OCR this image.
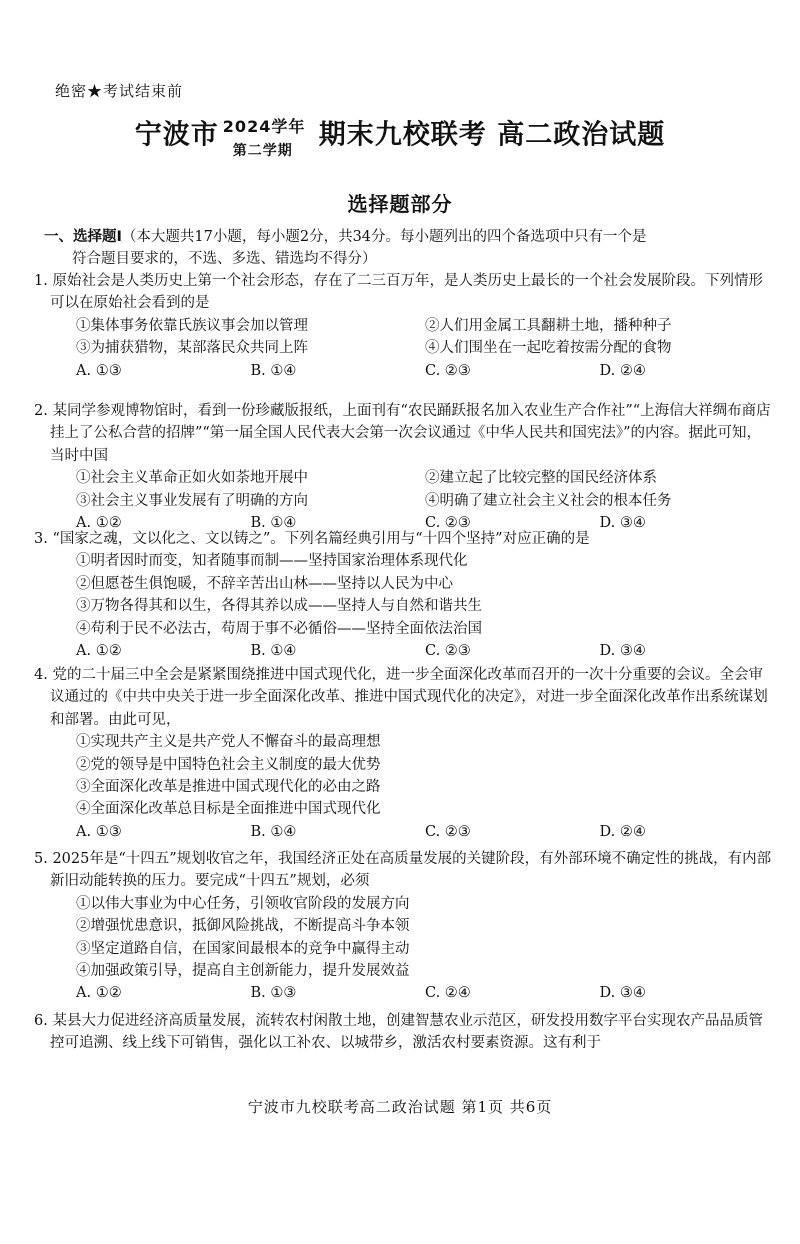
绝密★考试结束前
宁波市 2024学年
第二学期
期末九校联考 高二政治试题
选择题部分
一、选择题Ⅰ（本大题共17小题，每小题2分，共34分。每小题列出的四个备选项中只有一个是
符合题目要求的，不选、多选、错选均不得分）
1. 原始社会是人类历史上第一个社会形态，存在了二三百万年，是人类历史上最长的一个社会发展阶段。下列情形可以在原始社会看到的是
①集体事务依靠氏族议事会加以管理	②人们用金属工具翻耕土地，播种种子
③为捕获猎物，某部落民众共同上阵	④人们围坐在一起吃着按需分配的食物
A. ①③	B. ①④	C. ②③	D. ②④
2. 某同学参观博物馆时，看到一份珍藏版报纸，上面刊有“农民踊跃报名加入农业生产合作社”“上海信大祥绸布商店挂上了公私合营的招牌”“第一届全国人民代表大会第一次会议通过《中华人民共和国宪法》”的内容。据此可知，当时中国
①社会主义革命正如火如荼地开展中	②建立起了比较完整的国民经济体系
③社会主义事业发展有了明确的方向	④明确了建立社会主义社会的根本任务
A. ①②	B. ①④	C. ②③	D. ③④
3. “国家之魂，文以化之、文以铸之”。下列名篇经典引用与“十四个坚持”对应正确的是
①明者因时而变，知者随事而制——坚持国家治理体系现代化
②但愿苍生俱饱暖，不辞辛苦出山林——坚持以人民为中心
③万物各得其和以生，各得其养以成——坚持人与自然和谐共生
④苟利于民不必法古，苟周于事不必循俗——坚持全面依法治国
A. ①②	B. ①④	C. ②③	D. ③④
4. 党的二十届三中全会是紧紧围绕推进中国式现代化，进一步全面深化改革而召开的一次十分重要的会议。全会审议通过的《中共中央关于进一步全面深化改革、推进中国式现代化的决定》，对进一步全面深化改革作出系统谋划和部署。由此可见，
①实现共产主义是共产党人不懈奋斗的最高理想
②党的领导是中国特色社会主义制度的最大优势
③全面深化改革是推进中国式现代化的必由之路
④全面深化改革总目标是全面推进中国式现代化
A. ①③	B. ①④	C. ②③	D. ②④
5. 2025年是“十四五”规划收官之年，我国经济正处在高质量发展的关键阶段，有外部环境不确定性的挑战，有内部新旧动能转换的压力。要完成“十四五”规划，必须
①以伟大事业为中心任务，引领收官阶段的发展方向
②增强忧患意识，抵御风险挑战，不断提高斗争本领
③坚定道路自信，在国家间最根本的竞争中赢得主动
④加强政策引导，提高自主创新能力，提升发展效益
A. ①②	B. ①③	C. ②④	D. ③④
6. 某县大力促进经济高质量发展，流转农村闲散土地，创建智慧农业示范区，研发投用数字平台实现农产品品质管控可追溯、线上线下可销售，强化以工补农、以城带乡，激活农村要素资源。这有利于
宁波市九校联考高二政治试题 第1页 共6页
